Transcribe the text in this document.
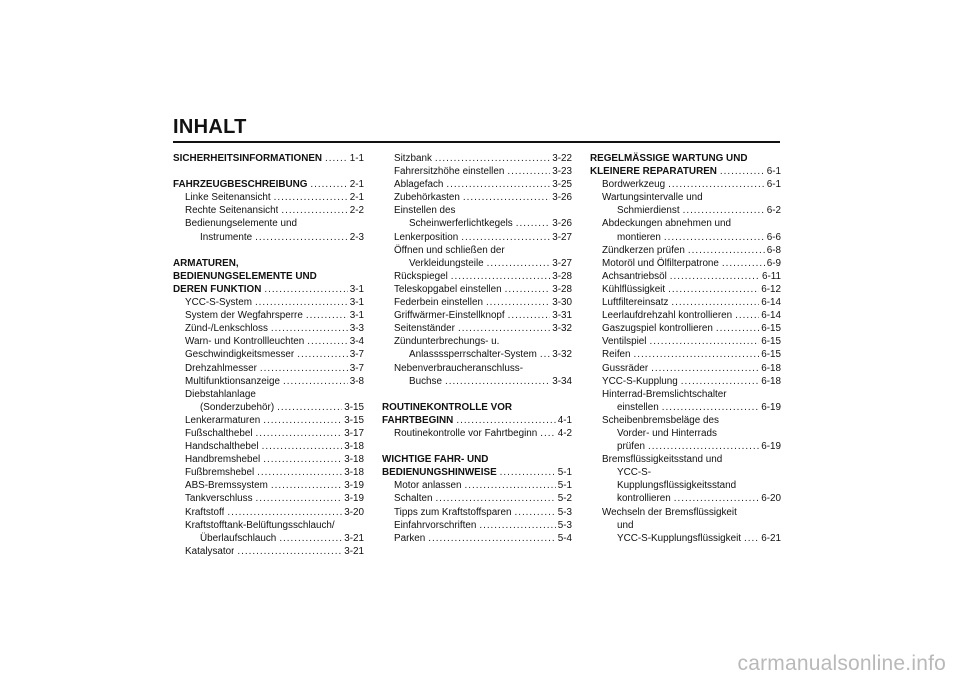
INHALT
SICHERHEITSINFORMATIONEN .....	1-1
FAHRZEUGBESCHREIBUNG .....	2-1
Linke Seitenansicht .....	2-1
Rechte Seitenansicht .....	2-2
Bedienungselemente und
Instrumente .....	2-3
ARMATUREN,
BEDIENUNGSELEMENTE UND
DEREN FUNKTION .....	3-1
YCC-S-System .....	3-1
System der Wegfahrsperre .....	3-1
Zünd-/Lenkschloss .....	3-3
Warn- und Kontrollleuchten .....	3-4
Geschwindigkeitsmesser .....	3-7
Drehzahlmesser .....	3-7
Multifunktionsanzeige .....	3-8
Diebstahlanlage
(Sonderzubehör) .....	3-15
Lenkerarmaturen .....	3-15
Fußschalthebel .....	3-17
Handschalthebel .....	3-18
Handbremshebel .....	3-18
Fußbremshebel .....	3-18
ABS-Bremssystem .....	3-19
Tankverschluss .....	3-19
Kraftstoff .....	3-20
Kraftstofftank-Belüftungsschlauch/
Überlaufschlauch .....	3-21
Katalysator .....	3-21
Sitzbank .....	3-22
Fahrersitzhöhe einstellen .....	3-23
Ablagefach .....	3-25
Zubehörkasten .....	3-26
Einstellen des
Scheinwerferlichtkegels .....	3-26
Lenkerposition .....	3-27
Öffnen und schließen der
Verkleidungsteile .....	3-27
Rückspiegel .....	3-28
Teleskopgabel einstellen .....	3-28
Federbein einstellen .....	3-30
Griffwärmer-Einstellknopf .....	3-31
Seitenständer .....	3-32
Zündunterbrechungs- u.
Anlassssperrschalter-System ..... 3-32
Nebenverbraucheranschluss-
Buchse .....	3-34
ROUTINEKONTROLLE VOR
FAHRTBEGINN .....	4-1
Routinekontrolle vor Fahrtbeginn ..... 4-2
WICHTIGE FAHR- UND
BEDIENUNGSHINWEISE .....	5-1
Motor anlassen .....	5-1
Schalten .....	5-2
Tipps zum Kraftstoffsparen .....	5-3
Einfahrvorschriften .....	5-3
Parken .....	5-4
REGELMÄSSIGE WARTUNG UND
KLEINERE REPARATUREN .....	6-1
Bordwerkzeug .....	6-1
Wartungsintervalle und
Schmierdienst .....	6-2
Abdeckungen abnehmen und
montieren .....	6-6
Zündkerzen prüfen .....	6-8
Motoröl und Ölfilterpatrone .....	6-9
Achsantriebsöl .....	6-11
Kühlflüssigkeit .....	6-12
Luftfiltereinsatz .....	6-14
Leerlaufdrehzahl kontrollieren .....	6-14
Gaszugspiel kontrollieren .....	6-15
Ventilspiel .....	6-15
Reifen .....	6-15
Gussräder .....	6-18
YCC-S-Kupplung .....	6-18
Hinterrad-Bremslichtschalter
einstellen .....	6-19
Scheibenbremsbeläge des
Vorder- und Hinterrads
prüfen .....	6-19
Bremsflüssigkeitsstand und
YCC-S-
Kupplungsflüssigkeitsstand
kontrollieren .....	6-20
Wechseln der Bremsflüssigkeit
und
YCC-S-Kupplungsflüssigkeit ..... 6-21
carmanualsonline.info
